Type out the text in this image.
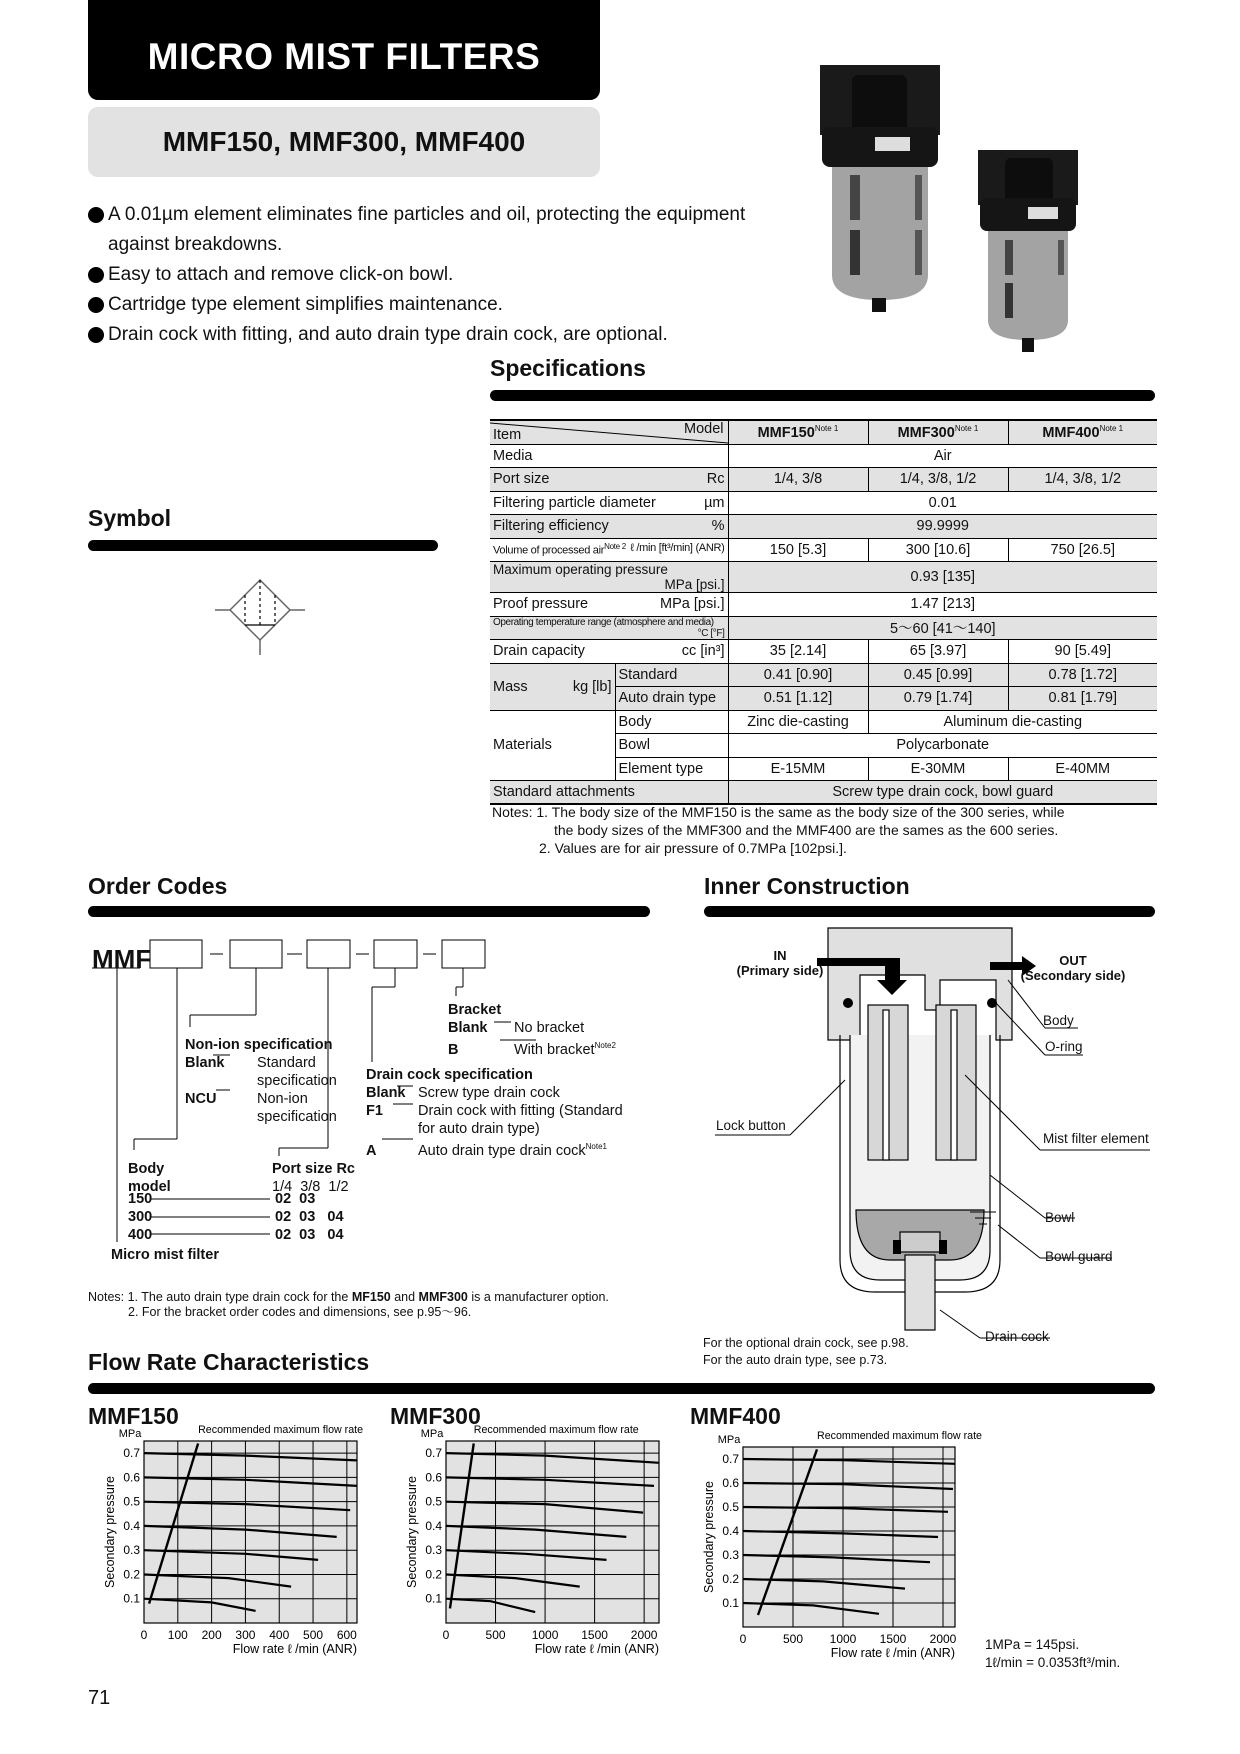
MICRO MIST FILTERS
MMF150, MMF300, MMF400
A 0.01µm element eliminates fine particles and oil, protecting the equipment against breakdowns.
Easy to attach and remove click-on bowl.
Cartridge type element simplifies maintenance.
Drain cock with fitting, and auto drain type drain cock, are optional.
Specifications
Item Model		$MMF150^{Note 1}$	$MMF300^{Note 1}$	$MMF400^{Note 1}$
Media		Air		
Port size Rc		1/4, 3/8	1/4, 3/8, 1/2	1/4, 3/8, 1/2
Filtering particle diameter µm		0.01		
Filtering efficiency %		99.9999		
Volume of processed air$^{Note 2}$ ℓ /min [ft³/min] (ANR)		150 [5.3]	300 [10.6]	750 [26.5]
Maximum operating pressure
MPa [psi.]		0.93 [135]		
Proof pressure MPa [psi.]		1.47 [213]		
Operating temperature range (atmosphere and media)
°C [°F]		5～60 [41～140]		
Drain capacity cc [in³]		35 [2.14]	65 [3.97]	90 [5.49]
Mass kg [lb]	Standard	0.41 [0.90]	0.45 [0.99]	0.78 [1.72]
	Auto drain type	0.51 [1.12]	0.79 [1.74]	0.81 [1.79]
Materials	Body	Zinc die-casting	Aluminum die-casting	
	Bowl	Polycarbonate		
	Element type	E-15MM	E-30MM	E-40MM
Standard attachments		Screw type drain cock, bowl guard		
Notes: 1. The body size of the MMF150 is the same as the body size of the 300 series, while
the body sizes of the MMF300 and the MMF400 are the sames as the 600 series.
2. Values are for air pressure of 0.7MPa [102psi.].
Symbol
Order Codes
MMF
Bracket
Blank No bracket
B	With bracket$^{Note2}$
Non-ion specification
Blank Standard
specification
NCU	Non-ion
specification
Drain cock specification
Blank Screw type drain cock
F1 Drain cock with fitting (Standard
for auto drain type)
A	Auto drain type drain cock$^{Note1}$
Body
model
Port size Rc
1/4  3/8  1/2
150	02  03
300	02  03   04
400	02  03   04
Micro mist filter
Notes: 1. The auto drain type drain cock for the MF150 and MMF300 is a manufacturer option.
2. For the bracket order codes and dimensions, see p.95～96.
Inner Construction
IN
(Primary side)
OUT
(Secondary side)
Body
O-ring
Lock button
Mist filter element
Bowl
Bowl guard
Drain cock
For the optional drain cock, see p.98.
For the auto drain type, see p.73.
Flow Rate Characteristics
MMF150	MMF300	MMF400
0 100 200 300 400 500 600
0.1
0.2
0.3
0.4
0.5
0.6
0.7
MPa
Flow rate ℓ /min (ANR)
Secondary pressure
Recommended maximum flow rate
0	500 1000 1500 2000
0.1
0.2
0.3
0.4
0.5
0.6
0.7
MPa
Flow rate ℓ /min (ANR)
Secondary pressure
Recommended maximum flow rate
0	500 1000 1500 2000
0.1
0.2
0.3
0.4
0.5
0.6
0.7
MPa
Flow rate ℓ /min (ANR)
Secondary pressure
Recommended maximum flow rate
1MPa = 145psi.
1ℓ/min = 0.0353ft³/min.
71
